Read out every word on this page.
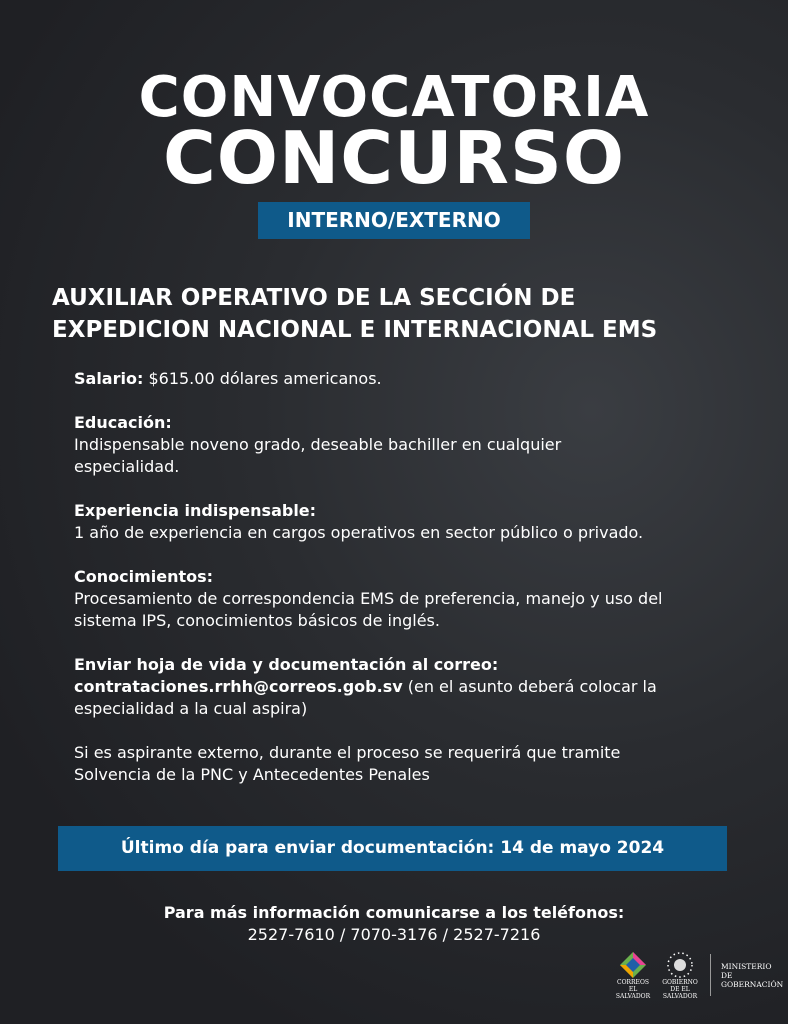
CONVOCATORIA
CONCURSO
INTERNO/EXTERNO
AUXILIAR OPERATIVO DE LA SECCIÓN DE
EXPEDICION NACIONAL E INTERNACIONAL EMS
Salario: $615.00 dólares americanos.
Educación:
Indispensable noveno grado, deseable bachiller en cualquier especialidad.
Experiencia indispensable:
1 año de experiencia en cargos operativos en sector público o privado.
Conocimientos:
Procesamiento de correspondencia EMS de preferencia, manejo y uso del sistema IPS, conocimientos básicos de inglés.
Enviar hoja de vida y documentación al correo:
contrataciones.rrhh@correos.gob.sv (en el asunto deberá colocar la especialidad a la cual aspira)
Si es aspirante externo, durante el proceso se requerirá que tramite Solvencia de la PNC y Antecedentes Penales
Último día para enviar documentación: 14 de mayo 2024
Para más información comunicarse a los teléfonos:
2527-7610 / 7070-3176 / 2527-7216
CORREOS EL SALVADOR
GOBIERNO DE EL SALVADOR
MINISTERIO DE GOBERNACIÓN
